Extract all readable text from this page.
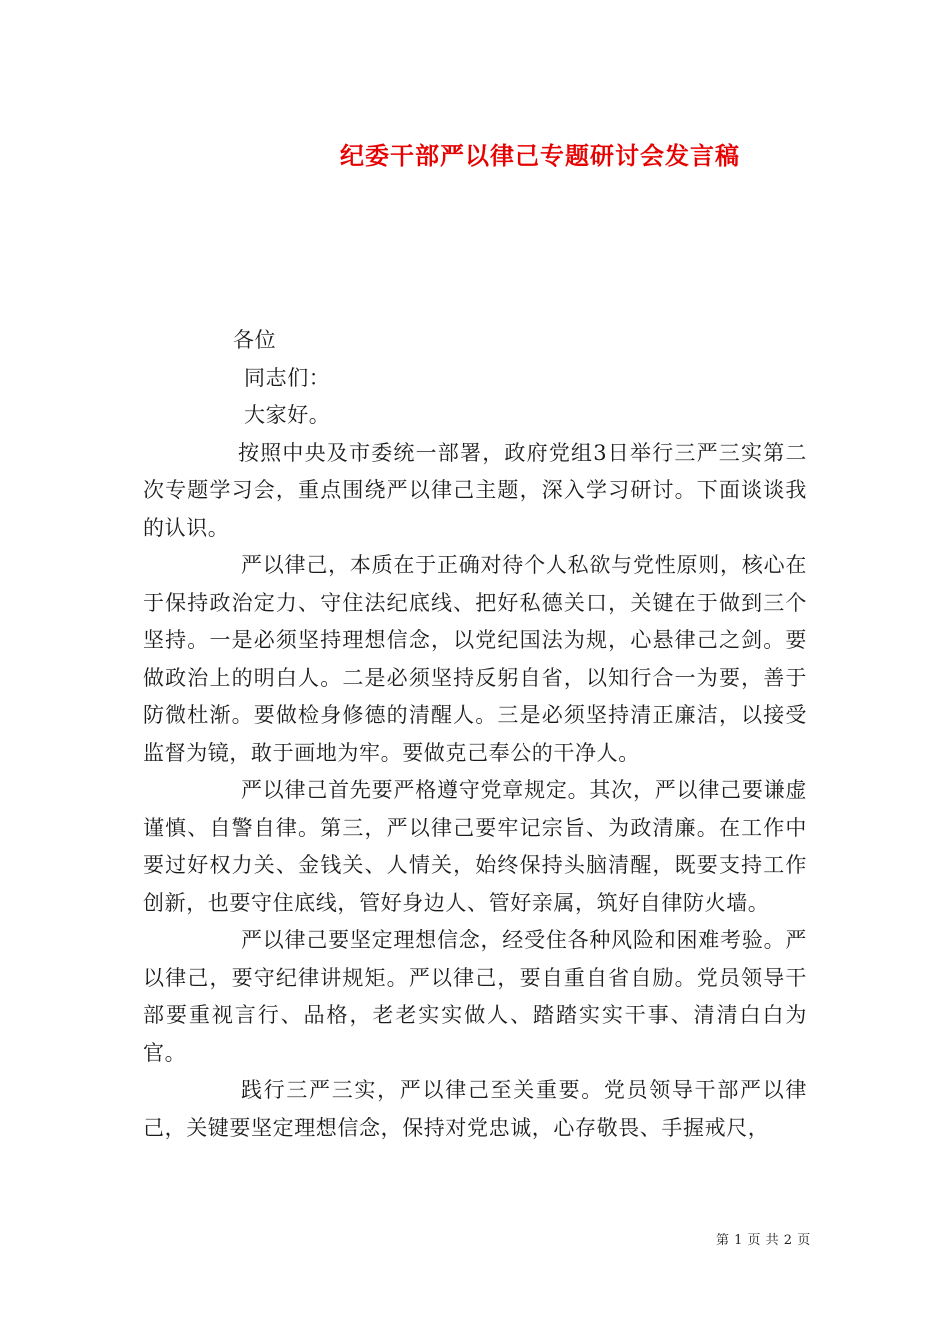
纪委干部严以律己专题研讨会发言稿

各位

同志们：

大家好。

按照中央及市委统一部署，政府党组3日举行三严三实第二次专题学习会，重点围绕严以律己主题，深入学习研讨。下面谈谈我的认识。

严以律己，本质在于正确对待个人私欲与党性原则，核心在于保持政治定力、守住法纪底线、把好私德关口，关键在于做到三个坚持。一是必须坚持理想信念，以党纪国法为规，心悬律己之剑。要做政治上的明白人。二是必须坚持反躬自省，以知行合一为要，善于防微杜渐。要做检身修德的清醒人。三是必须坚持清正廉洁，以接受监督为镜，敢于画地为牢。要做克己奉公的干净人。

严以律己首先要严格遵守党章规定。其次，严以律己要谦虚谨慎、自警自律。第三，严以律己要牢记宗旨、为政清廉。在工作中要过好权力关、金钱关、人情关，始终保持头脑清醒，既要支持工作创新，也要守住底线，管好身边人、管好亲属，筑好自律防火墙。

严以律己要坚定理想信念，经受住各种风险和困难考验。严以律己，要守纪律讲规矩。严以律己，要自重自省自励。党员领导干部要重视言行、品格，老老实实做人、踏踏实实干事、清清白白为官。

践行三严三实，严以律己至关重要。党员领导干部严以律己，关键要坚定理想信念，保持对党忠诚，心存敬畏、手握戒尺，

第 1 页 共 2 页
